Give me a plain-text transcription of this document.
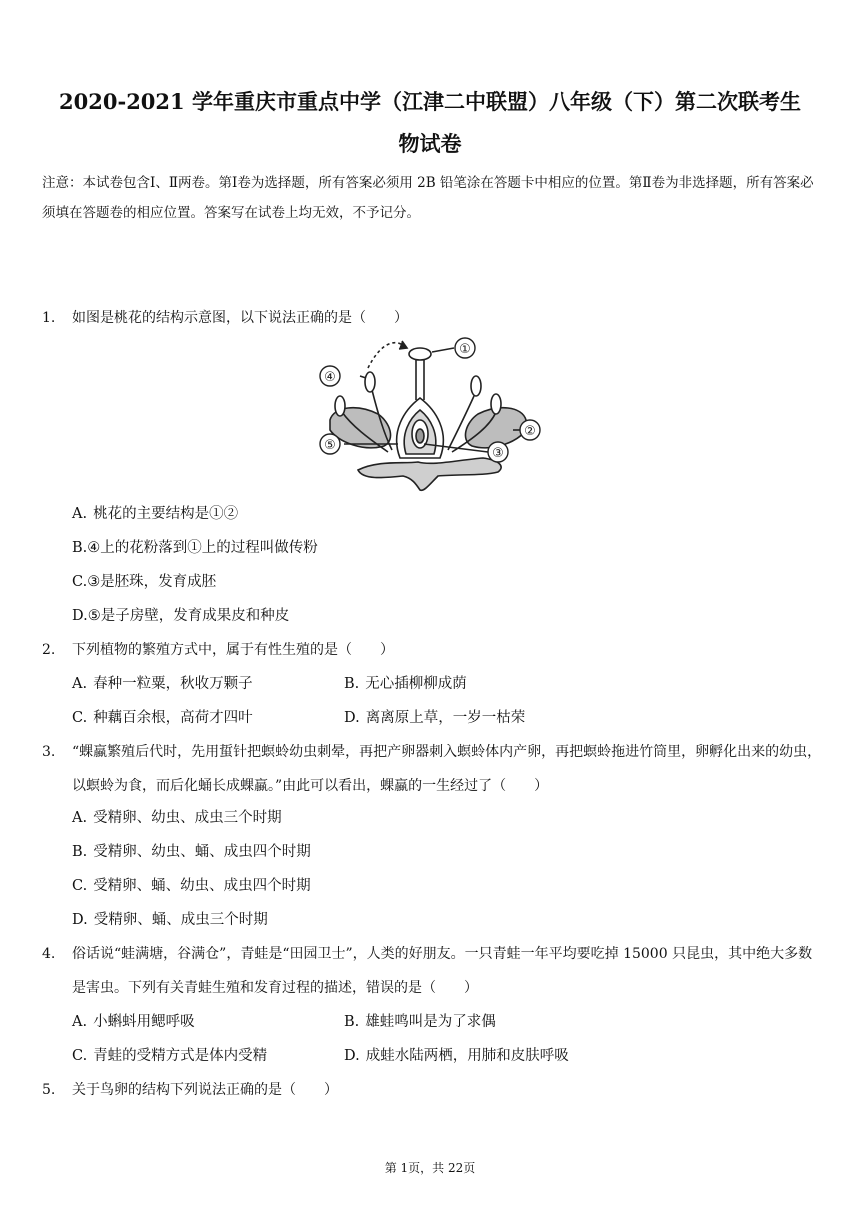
2020-2021 学年重庆市重点中学（江津二中联盟）八年级（下）第二次联考生
物试卷
注意：本试卷包含Ⅰ、Ⅱ两卷。第Ⅰ卷为选择题，所有答案必须用 2B 铅笔涂在答题卡中相应的位置。第Ⅱ卷为非选择题，所有答案必须填在答题卷的相应位置。答案写在试卷上均无效，不予记分。
1. 如图是桃花的结构示意图，以下说法正确的是（　　）
①
②
③
④
⑤
A. 桃花的主要结构是①②
B.④上的花粉落到①上的过程叫做传粉
C.③是胚珠，发育成胚
D.⑤是子房壁，发育成果皮和种皮
2. 下列植物的繁殖方式中，属于有性生殖的是（　　）
A. 春种一粒粟，秋收万颗子	B. 无心插柳柳成荫
C. 种藕百余根，高荷才四叶	D. 离离原上草，一岁一枯荣
3. “蜾蠃繁殖后代时，先用蜇针把螟蛉幼虫刺晕，再把产卵器刺入螟蛉体内产卵，再把螟蛉拖进竹筒里，卵孵化出来的幼虫，以螟蛉为食，而后化蛹长成蜾蠃。”由此可以看出，蜾蠃的一生经过了（　　）
A. 受精卵、幼虫、成虫三个时期
B. 受精卵、幼虫、蛹、成虫四个时期
C. 受精卵、蛹、幼虫、成虫四个时期
D. 受精卵、蛹、成虫三个时期
4. 俗话说“蛙满塘，谷满仓”，青蛙是“田园卫士”，人类的好朋友。一只青蛙一年平均要吃掉 15000 只昆虫，其中绝大多数是害虫。下列有关青蛙生殖和发育过程的描述，错误的是（　　）
A. 小蝌蚪用鳃呼吸	B. 雄蛙鸣叫是为了求偶
C. 青蛙的受精方式是体内受精	D. 成蛙水陆两栖，用肺和皮肤呼吸
5. 关于鸟卵的结构下列说法正确的是（　　）
第 1页，共 22页
